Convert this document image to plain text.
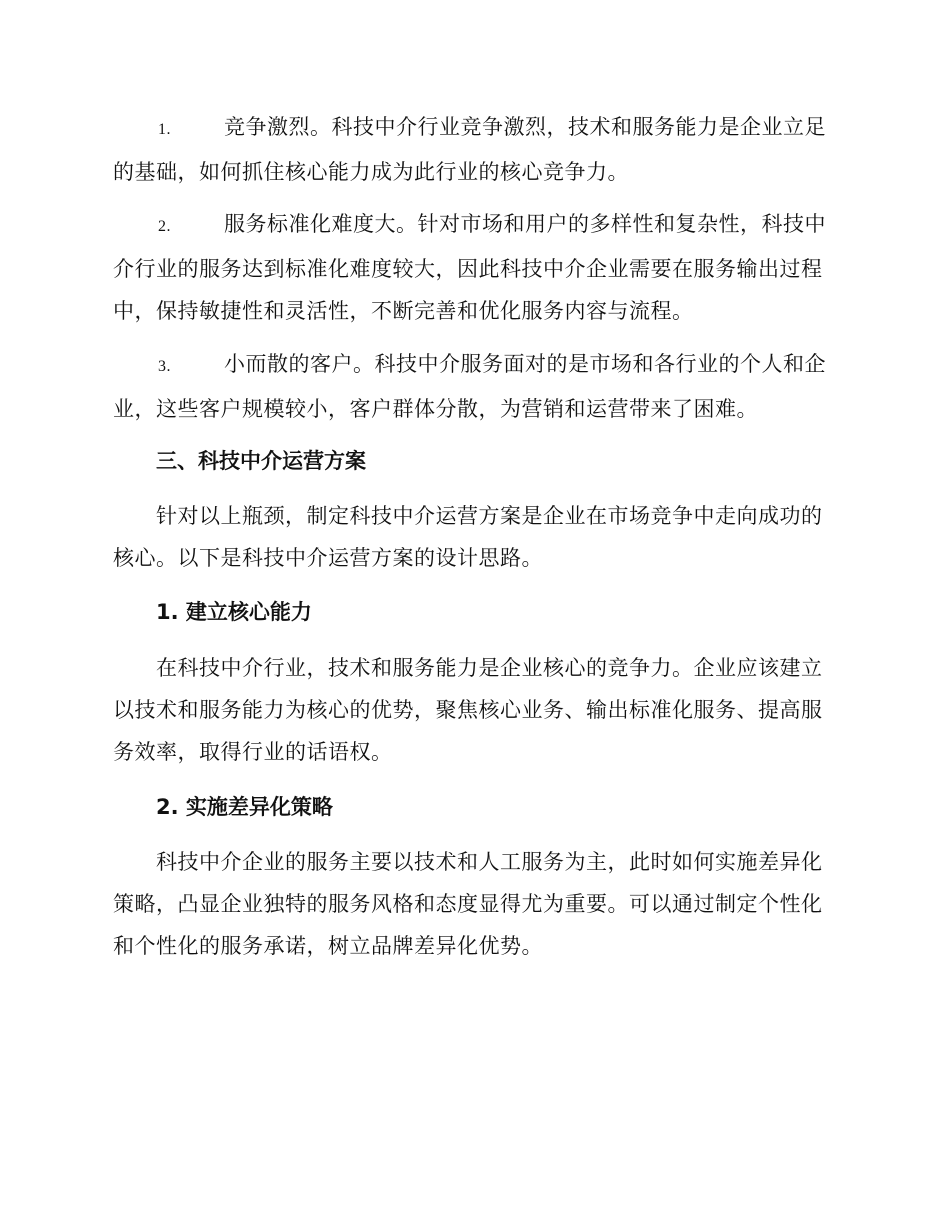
1.	竞争激烈。科技中介行业竞争激烈，技术和服务能力是企业立足的基础，如何抓住核心能力成为此行业的核心竞争力。

2.	服务标准化难度大。针对市场和用户的多样性和复杂性，科技中介行业的服务达到标准化难度较大，因此科技中介企业需要在服务输出过程中，保持敏捷性和灵活性，不断完善和优化服务内容与流程。

3.	小而散的客户。科技中介服务面对的是市场和各行业的个人和企业，这些客户规模较小，客户群体分散，为营销和运营带来了困难。

三、科技中介运营方案

针对以上瓶颈，制定科技中介运营方案是企业在市场竞争中走向成功的核心。以下是科技中介运营方案的设计思路。

1. 建立核心能力

在科技中介行业，技术和服务能力是企业核心的竞争力。企业应该建立以技术和服务能力为核心的优势，聚焦核心业务、输出标准化服务、提高服务效率，取得行业的话语权。

2. 实施差异化策略

科技中介企业的服务主要以技术和人工服务为主，此时如何实施差异化策略，凸显企业独特的服务风格和态度显得尤为重要。可以通过制定个性化和个性化的服务承诺，树立品牌差异化优势。
